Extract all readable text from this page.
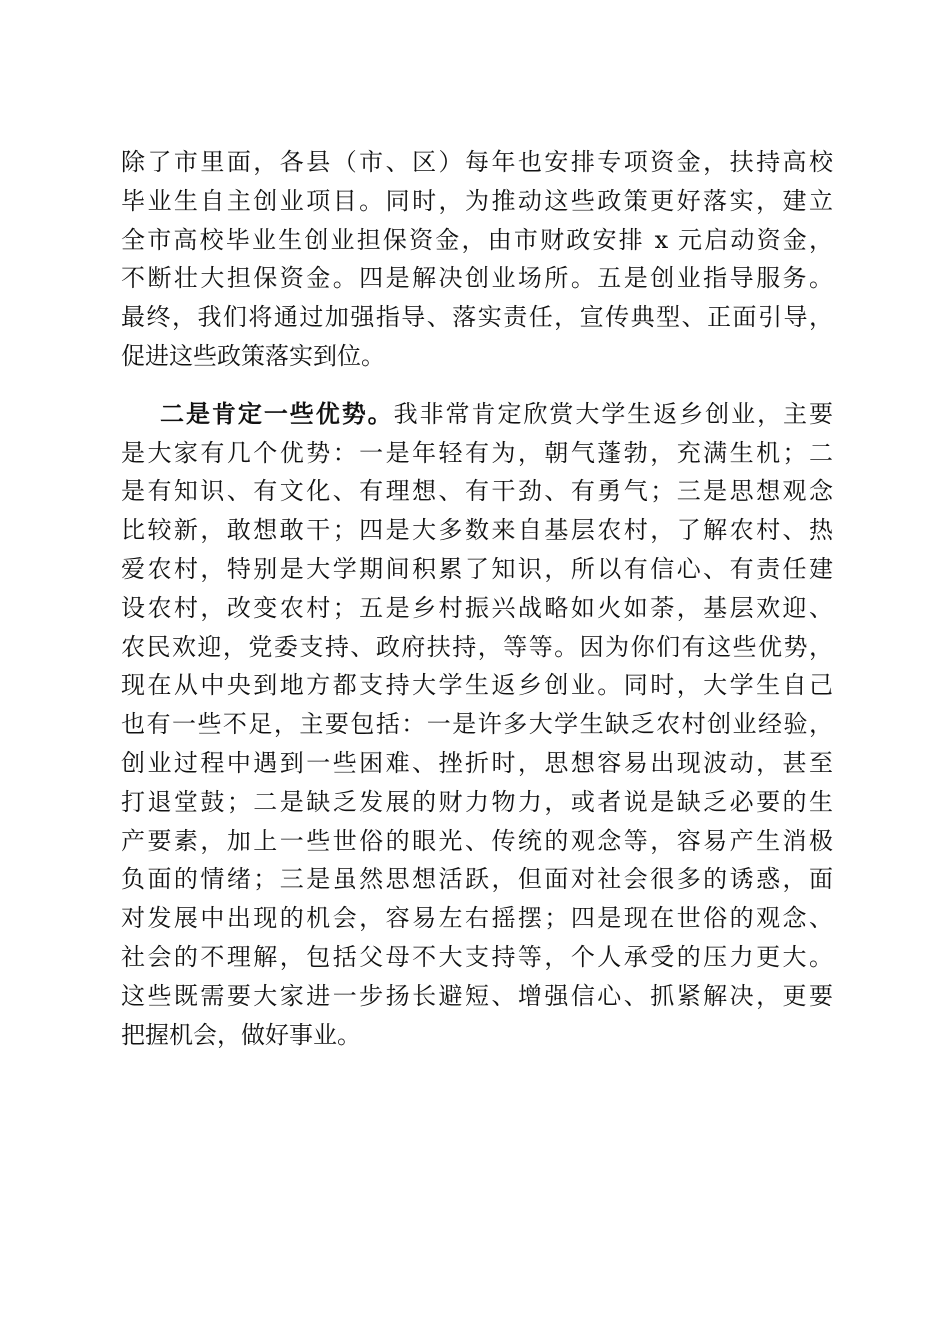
除了市里面，各县（市、区）每年也安排专项资金，扶持高校
毕业生自主创业项目。同时，为推动这些政策更好落实，建立
全市高校毕业生创业担保资金，由市财政安排 x 元启动资金，
不断壮大担保资金。四是解决创业场所。五是创业指导服务。
最终，我们将通过加强指导、落实责任，宣传典型、正面引导，
促进这些政策落实到位。
二是肯定一些优势。我非常肯定欣赏大学生返乡创业，主要
是大家有几个优势：一是年轻有为，朝气蓬勃，充满生机；二
是有知识、有文化、有理想、有干劲、有勇气；三是思想观念
比较新，敢想敢干；四是大多数来自基层农村，了解农村、热
爱农村，特别是大学期间积累了知识，所以有信心、有责任建
设农村，改变农村；五是乡村振兴战略如火如荼，基层欢迎、
农民欢迎，党委支持、政府扶持，等等。因为你们有这些优势，
现在从中央到地方都支持大学生返乡创业。同时，大学生自己
也有一些不足，主要包括：一是许多大学生缺乏农村创业经验，
创业过程中遇到一些困难、挫折时，思想容易出现波动，甚至
打退堂鼓；二是缺乏发展的财力物力，或者说是缺乏必要的生
产要素，加上一些世俗的眼光、传统的观念等，容易产生消极
负面的情绪；三是虽然思想活跃，但面对社会很多的诱惑，面
对发展中出现的机会，容易左右摇摆；四是现在世俗的观念、
社会的不理解，包括父母不大支持等，个人承受的压力更大。
这些既需要大家进一步扬长避短、增强信心、抓紧解决，更要
把握机会，做好事业。
